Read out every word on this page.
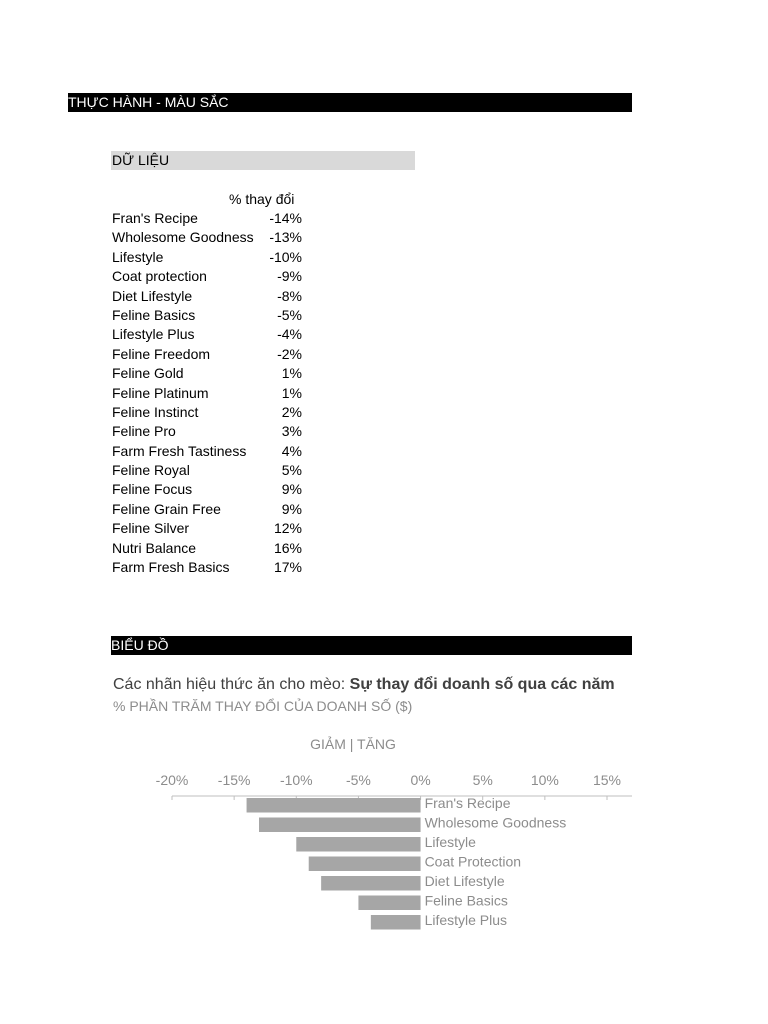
THỰC HÀNH - MÀU SẮC
DỮ LIỆU
% thay đổi
Fran's Recipe	-14%
Wholesome Goodness	-13%
Lifestyle	-10%
Coat protection	-9%
Diet Lifestyle	-8%
Feline Basics	-5%
Lifestyle Plus	-4%
Feline Freedom	-2%
Feline Gold	1%
Feline Platinum	1%
Feline Instinct	2%
Feline Pro	3%
Farm Fresh Tastiness	4%
Feline Royal	5%
Feline Focus	9%
Feline Grain Free	9%
Feline Silver	12%
Nutri Balance	16%
Farm Fresh Basics	17%
BIỂU ĐỒ
Các nhãn hiệu thức ăn cho mèo: Sự thay đổi doanh số qua các năm
% PHẦN TRĂM THAY ĐỔI CỦA DOANH SỐ ($)
GIẢM | TĂNG
-20% -15% -10% -5%	0%	5%	10% 15%
Fran's Recipe
Wholesome Goodness
Lifestyle
Coat Protection
Diet Lifestyle
Feline Basics
Lifestyle Plus
